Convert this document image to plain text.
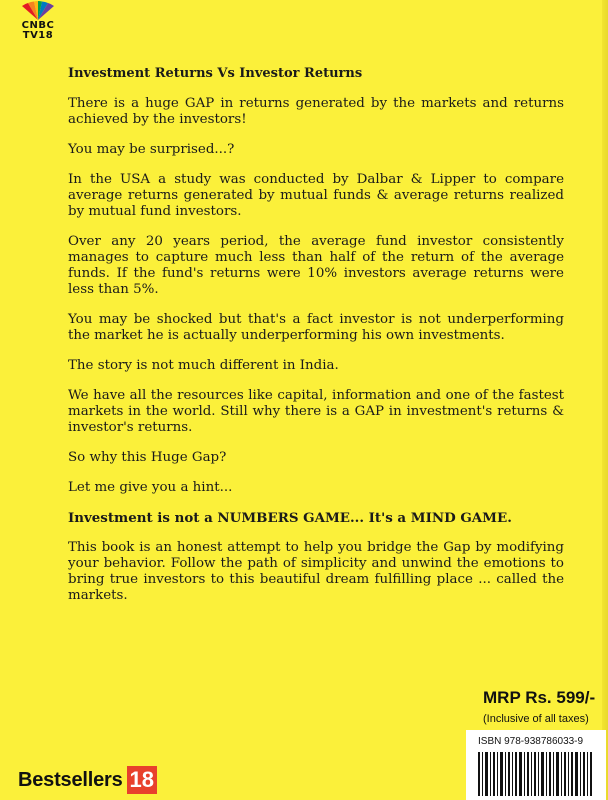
CNBC
TV18

Investment Returns Vs Investor Returns

There is a huge GAP in returns generated by the markets and returns achieved by the investors!

You may be surprised...?

In the USA a study was conducted by Dalbar & Lipper to compare average returns generated by mutual funds & average returns realized by mutual fund investors.

Over any 20 years period, the average fund investor consistently manages to capture much less than half of the return of the average funds. If the fund's returns were 10% investors average returns were less than 5%.

You may be shocked but that's a fact investor is not underperforming the market he is actually underperforming his own investments.

The story is not much different in India.

We have all the resources like capital, information and one of the fastest markets in the world. Still why there is a GAP in investment's returns & investor's returns.

So why this Huge Gap?

Let me give you a hint...

Investment is not a NUMBERS GAME... It's a MIND GAME.

This book is an honest attempt to help you bridge the Gap by modifying your behavior. Follow the path of simplicity and unwind the emotions to bring true investors to this beautiful dream fulfilling place ... called the markets.

MRP Rs. 599/-
(Inclusive of all taxes)
ISBN 978-938786033-9
Bestsellers 18
